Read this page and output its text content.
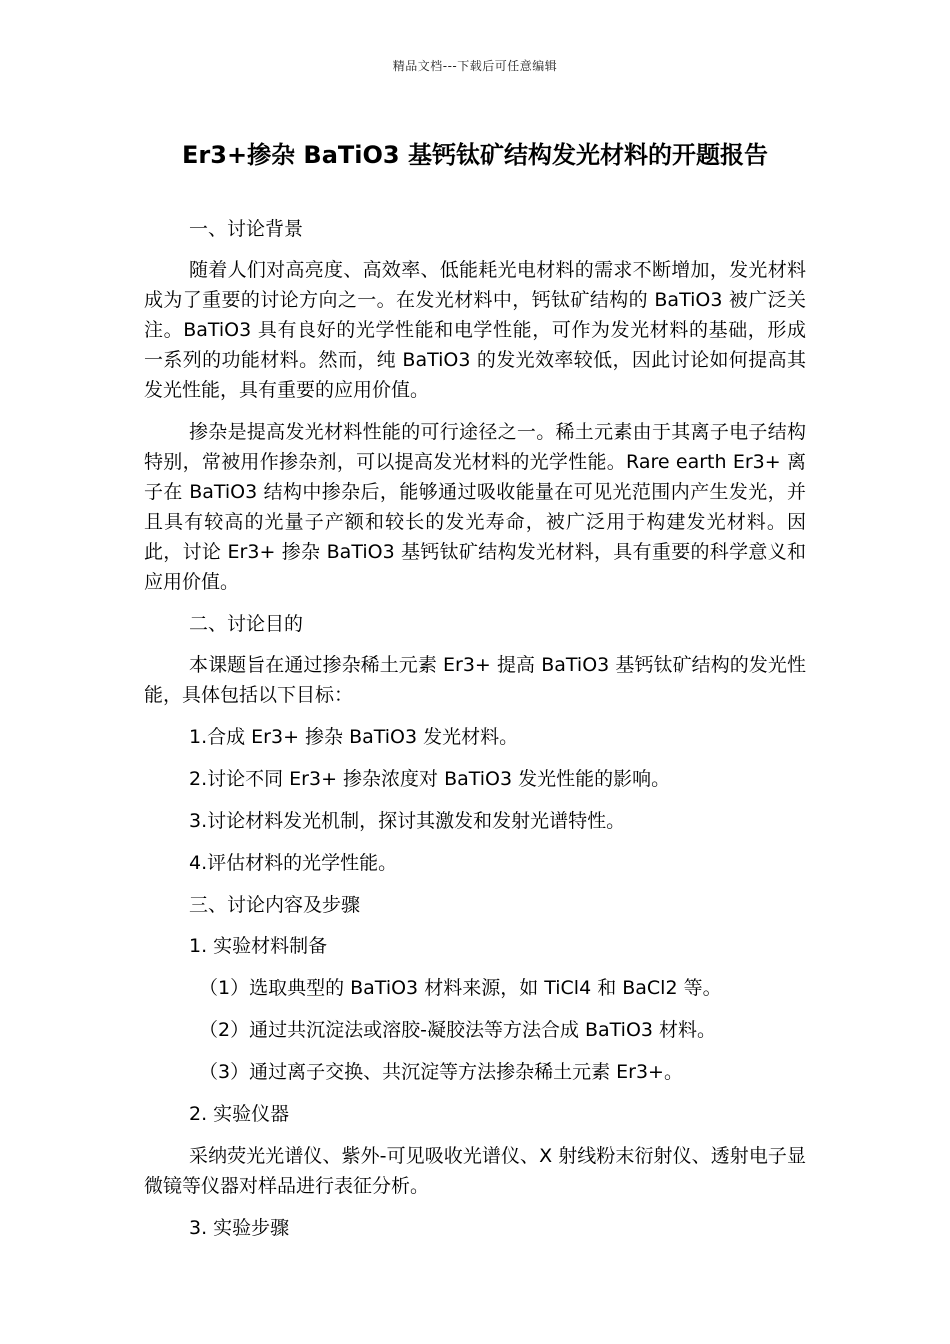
精品文档---下载后可任意编辑
Er3+掺杂 BaTiO3 基钙钛矿结构发光材料的开题报告

一、讨论背景

随着人们对高亮度、高效率、低能耗光电材料的需求不断增加，发光材料成为了重要的讨论方向之一。在发光材料中，钙钛矿结构的 BaTiO3 被广泛关注。BaTiO3 具有良好的光学性能和电学性能，可作为发光材料的基础，形成一系列的功能材料。然而，纯 BaTiO3 的发光效率较低，因此讨论如何提高其发光性能，具有重要的应用价值。

掺杂是提高发光材料性能的可行途径之一。稀土元素由于其离子电子结构特别，常被用作掺杂剂，可以提高发光材料的光学性能。Rare earth Er3+ 离子在 BaTiO3 结构中掺杂后，能够通过吸收能量在可见光范围内产生发光，并且具有较高的光量子产额和较长的发光寿命，被广泛用于构建发光材料。因此，讨论 Er3+ 掺杂 BaTiO3 基钙钛矿结构发光材料，具有重要的科学意义和应用价值。

二、讨论目的

本课题旨在通过掺杂稀土元素 Er3+ 提高 BaTiO3 基钙钛矿结构的发光性能，具体包括以下目标：

1.合成 Er3+ 掺杂 BaTiO3 发光材料。

2.讨论不同 Er3+ 掺杂浓度对 BaTiO3 发光性能的影响。

3.讨论材料发光机制，探讨其激发和发射光谱特性。

4.评估材料的光学性能。

三、讨论内容及步骤

1. 实验材料制备

（1）选取典型的 BaTiO3 材料来源，如 TiCl4 和 BaCl2 等。

（2）通过共沉淀法或溶胶-凝胶法等方法合成 BaTiO3 材料。

（3）通过离子交换、共沉淀等方法掺杂稀土元素 Er3+。

2. 实验仪器

采纳荧光光谱仪、紫外-可见吸收光谱仪、X 射线粉末衍射仪、透射电子显微镜等仪器对样品进行表征分析。

3. 实验步骤
